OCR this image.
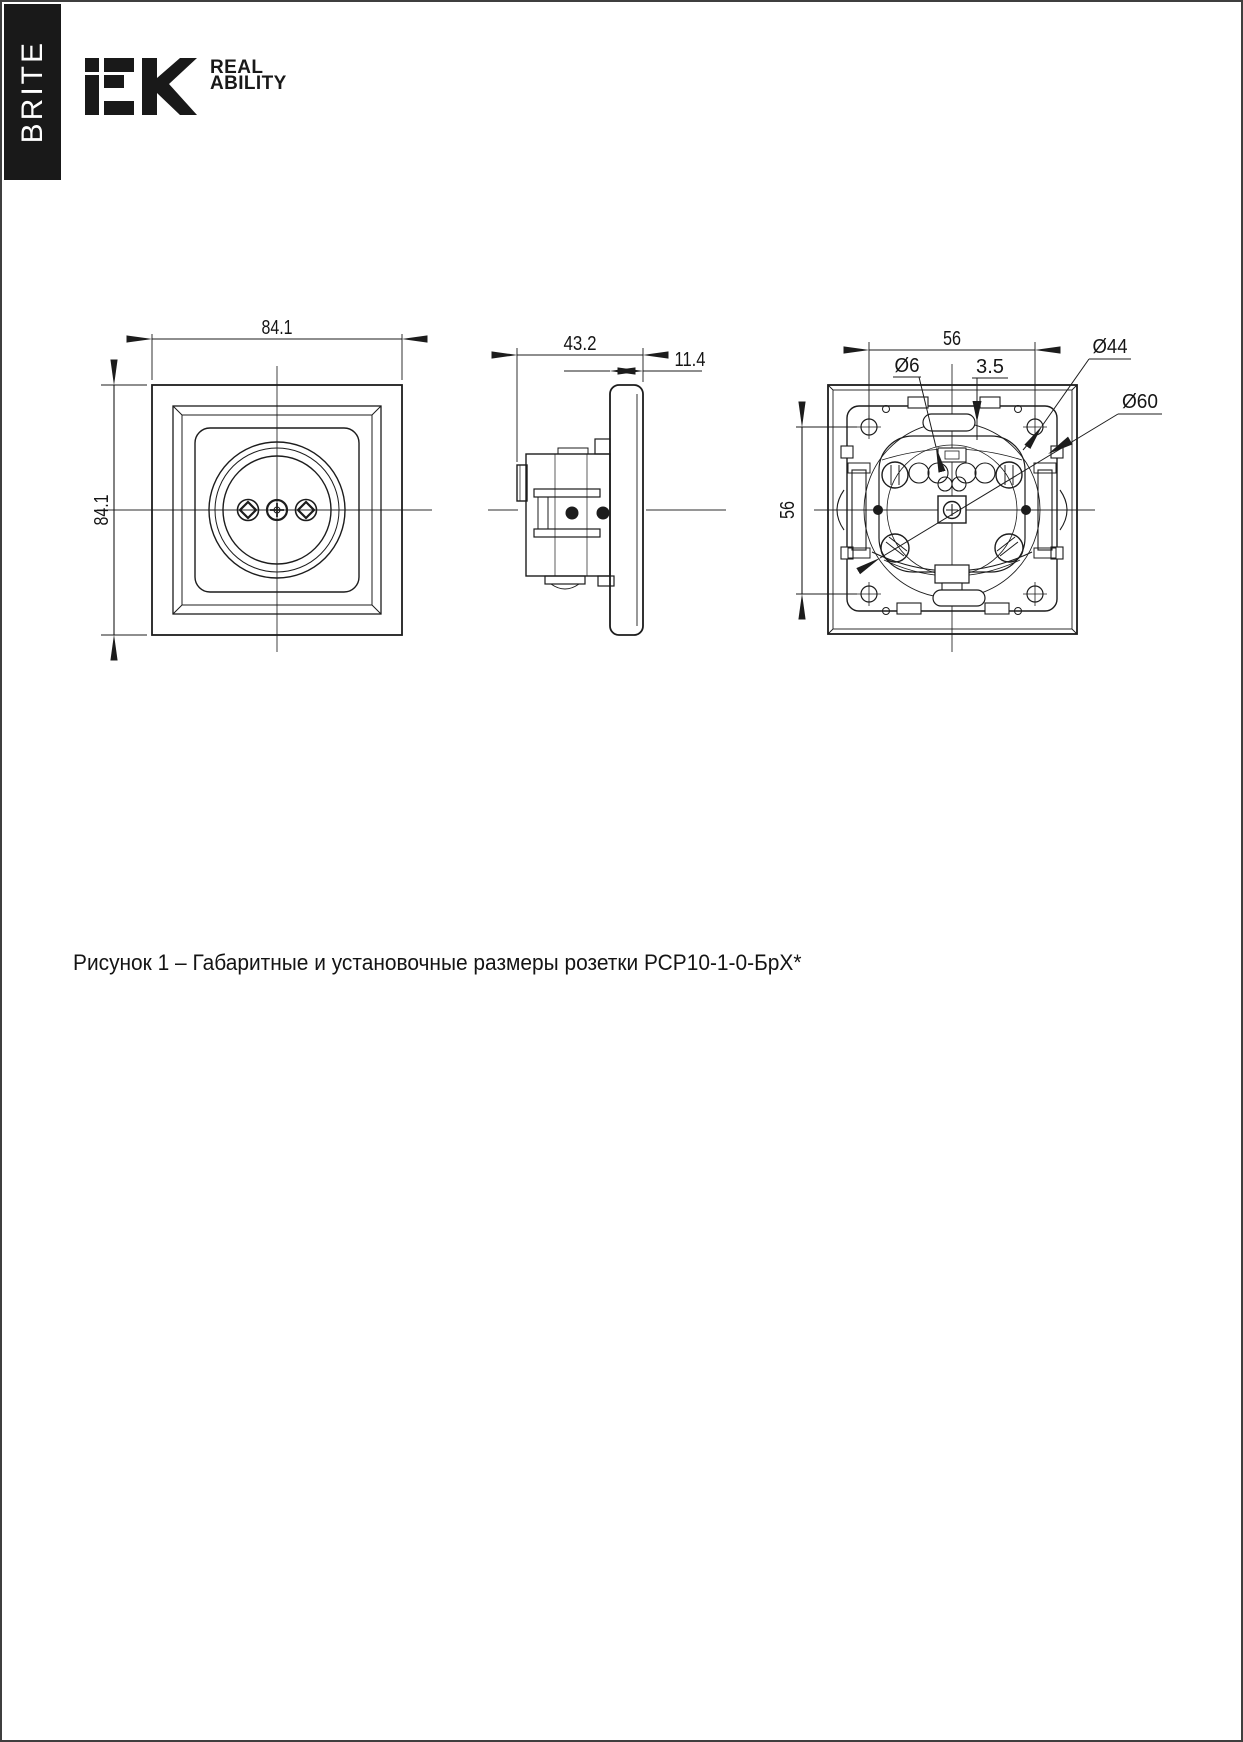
BRITE	REAL
ABILITY
84.1
84.1
43.2
11.4
56
56
Ø6	3.5
Ø44
Ø60
Рисунок 1 – Габаритные и установочные размеры розетки РСР10-1-0-БрХ*
